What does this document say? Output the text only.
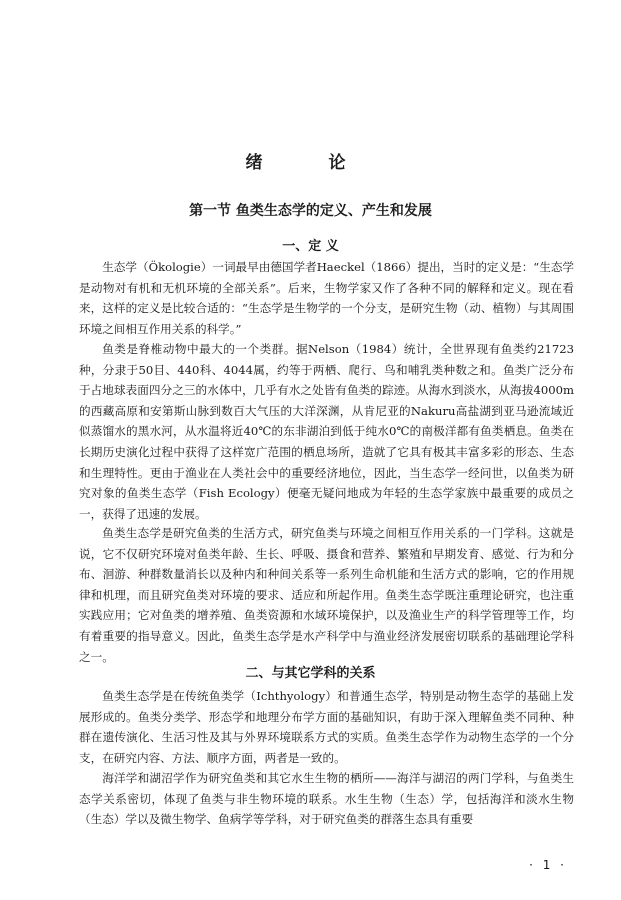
绪 论
第一节 鱼类生态学的定义、产生和发展
一、定 义

生态学（Ökologie）一词最早由德国学者Haeckel（1866）提出，当时的定义是：“生态学是动物对有机和无机环境的全部关系”。后来，生物学家又作了各种不同的解释和定义。现在看来，这样的定义是比较合适的：“生态学是生物学的一个分支，是研究生物（动、植物）与其周围环境之间相互作用关系的科学。”

鱼类是脊椎动物中最大的一个类群。据Nelson（1984）统计，全世界现有鱼类约21723种，分隶于50目、440科、4044属，约等于两栖、爬行、鸟和哺乳类种数之和。鱼类广泛分布于占地球表面四分之三的水体中，几乎有水之处皆有鱼类的踪迹。从海水到淡水，从海拔4000m的西藏高原和安第斯山脉到数百大气压的大洋深渊，从肯尼亚的Nakuru高盐湖到亚马逊流域近似蒸馏水的黑水河，从水温将近40℃的东非湖泊到低于纯水0℃的南极洋都有鱼类栖息。鱼类在长期历史演化过程中获得了这样宽广范围的栖息场所，造就了它具有极其丰富多彩的形态、生态和生理特性。更由于渔业在人类社会中的重要经济地位，因此，当生态学一经问世，以鱼类为研究对象的鱼类生态学（Fish Ecology）便毫无疑问地成为年轻的生态学家族中最重要的成员之一，获得了迅速的发展。

鱼类生态学是研究鱼类的生活方式，研究鱼类与环境之间相互作用关系的一门学科。这就是说，它不仅研究环境对鱼类年龄、生长、呼吸、摄食和营养、繁殖和早期发育、感觉、行为和分布、洄游、种群数量消长以及种内和种间关系等一系列生命机能和生活方式的影响，它的作用规律和机理，而且研究鱼类对环境的要求、适应和所起作用。鱼类生态学既注重理论研究，也注重实践应用；它对鱼类的增养殖、鱼类资源和水域环境保护，以及渔业生产的科学管理等工作，均有着重要的指导意义。因此，鱼类生态学是水产科学中与渔业经济发展密切联系的基础理论学科之一。

二、与其它学科的关系

鱼类生态学是在传统鱼类学（Ichthyology）和普通生态学，特别是动物生态学的基础上发展形成的。鱼类分类学、形态学和地理分布学方面的基础知识，有助于深入理解鱼类不同种、种群在遗传演化、生活习性及其与外界环境联系方式的实质。鱼类生态学作为动物生态学的一个分支，在研究内容、方法、顺序方面，两者是一致的。

海洋学和湖沼学作为研究鱼类和其它水生生物的栖所——海洋与湖沼的两门学科，与鱼类生态学关系密切，体现了鱼类与非生物环境的联系。水生生物（生态）学，包括海洋和淡水生物（生态）学以及微生物学、鱼病学等学科，对于研究鱼类的群落生态具有重要

· 1 ·
